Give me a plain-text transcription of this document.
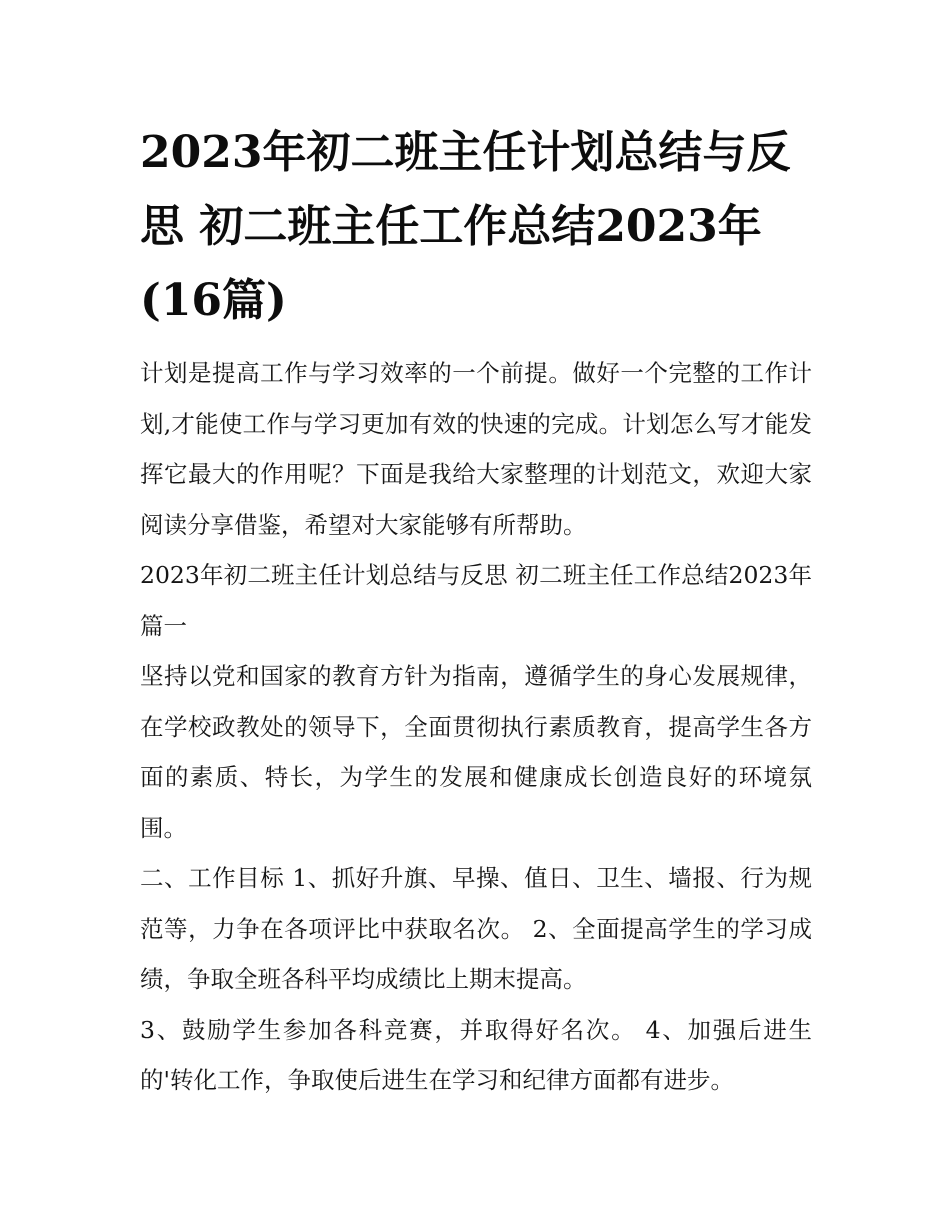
2023年初二班主任计划总结与反思 初二班主任工作总结2023年(16篇)

计划是提高工作与学习效率的一个前提。做好一个完整的工作计划,才能使工作与学习更加有效的快速的完成。计划怎么写才能发挥它最大的作用呢？下面是我给大家整理的计划范文，欢迎大家阅读分享借鉴，希望对大家能够有所帮助。

2023年初二班主任计划总结与反思 初二班主任工作总结2023年篇一

坚持以党和国家的教育方针为指南，遵循学生的身心发展规律，在学校政教处的领导下，全面贯彻执行素质教育，提高学生各方面的素质、特长，为学生的发展和健康成长创造良好的环境氛围。

二、工作目标 1、抓好升旗、早操、值日、卫生、墙报、行为规范等，力争在各项评比中获取名次。 2、全面提高学生的学习成绩，争取全班各科平均成绩比上期末提高。

3、鼓励学生参加各科竞赛，并取得好名次。 4、加强后进生的'转化工作，争取使后进生在学习和纪律方面都有进步。
